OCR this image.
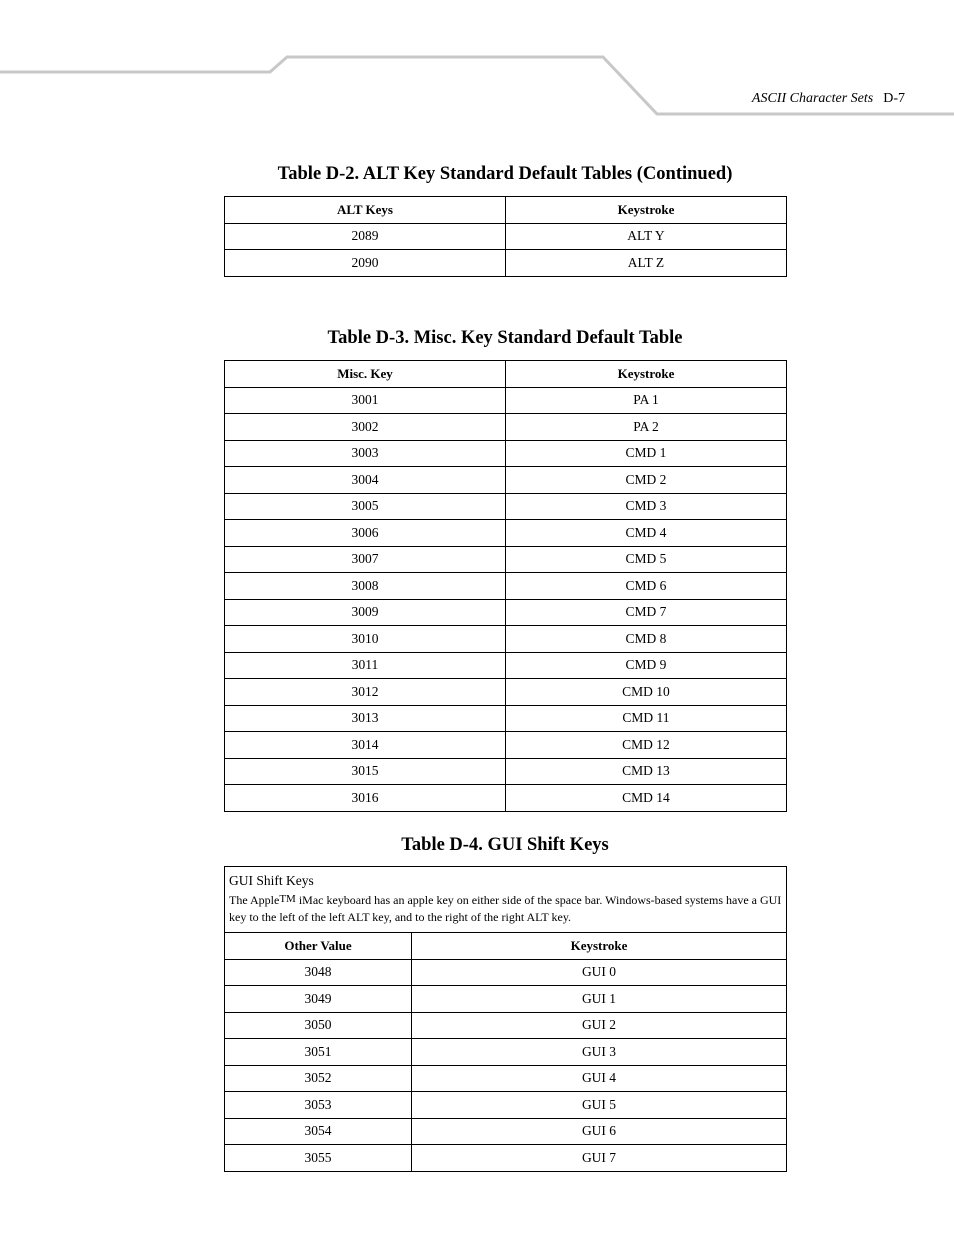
ASCII Character Sets D-7
Table D-2. ALT Key Standard Default Tables (Continued)
ALT Keys	Keystroke
2089	ALT Y
2090	ALT Z
Table D-3. Misc. Key Standard Default Table
Misc. Key	Keystroke
3001	PA 1
3002	PA 2
3003	CMD 1
3004	CMD 2
3005	CMD 3
3006	CMD 4
3007	CMD 5
3008	CMD 6
3009	CMD 7
3010	CMD 8
3011	CMD 9
3012	CMD 10
3013	CMD 11
3014	CMD 12
3015	CMD 13
3016	CMD 14
Table D-4. GUI Shift Keys
GUI Shift Keys
The AppleTM iMac keyboard has an apple key on either side of the space bar. Windows-based systems have a GUI key to the left of the left ALT key, and to the right of the right ALT key.	

Other Value	Keystroke
3048	GUI 0
3049	GUI 1
3050	GUI 2
3051	GUI 3
3052	GUI 4
3053	GUI 5
3054	GUI 6
3055	GUI 7
